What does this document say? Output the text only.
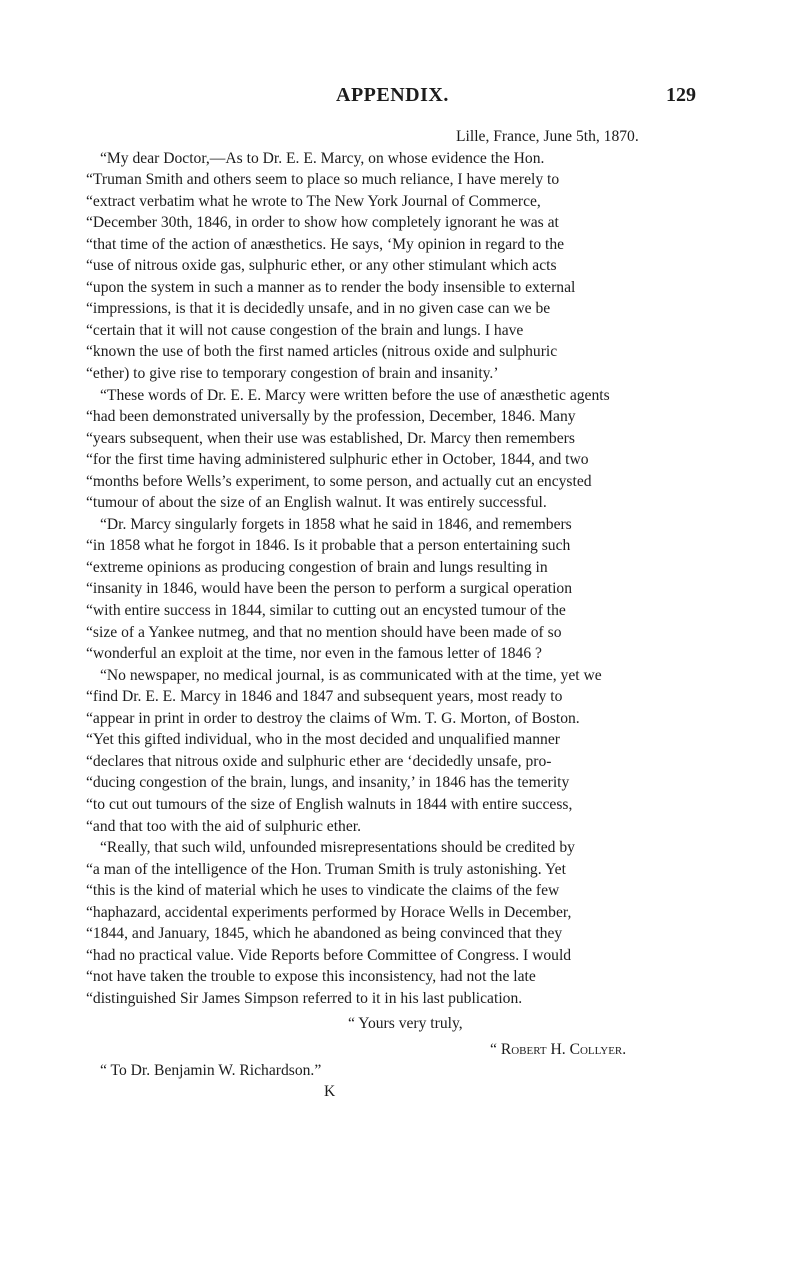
APPENDIX.	129
Lille, France, June 5th, 1870.
“My dear Doctor,—As to Dr. E. E. Marcy, on whose evidence the Hon.
“Truman Smith and others seem to place so much reliance, I have merely to
“extract verbatim what he wrote to The New York Journal of Commerce,
“December 30th, 1846, in order to show how completely ignorant he was at
“that time of the action of anæsthetics. He says, ‘My opinion in regard to the
“use of nitrous oxide gas, sulphuric ether, or any other stimulant which acts
“upon the system in such a manner as to render the body insensible to external
“impressions, is that it is decidedly unsafe, and in no given case can we be
“certain that it will not cause congestion of the brain and lungs. I have
“known the use of both the first named articles (nitrous oxide and sulphuric
“ether) to give rise to temporary congestion of brain and insanity.’
“These words of Dr. E. E. Marcy were written before the use of anæsthetic agents
“had been demonstrated universally by the profession, December, 1846. Many
“years subsequent, when their use was established, Dr. Marcy then remembers
“for the first time having administered sulphuric ether in October, 1844, and two
“months before Wells’s experiment, to some person, and actually cut an encysted
“tumour of about the size of an English walnut. It was entirely successful.
“Dr. Marcy singularly forgets in 1858 what he said in 1846, and remembers
“in 1858 what he forgot in 1846. Is it probable that a person entertaining such
“extreme opinions as producing congestion of brain and lungs resulting in
“insanity in 1846, would have been the person to perform a surgical operation
“with entire success in 1844, similar to cutting out an encysted tumour of the
“size of a Yankee nutmeg, and that no mention should have been made of so
“wonderful an exploit at the time, nor even in the famous letter of 1846 ?
“No newspaper, no medical journal, is as communicated with at the time, yet we
“find Dr. E. E. Marcy in 1846 and 1847 and subsequent years, most ready to
“appear in print in order to destroy the claims of Wm. T. G. Morton, of Boston.
“Yet this gifted individual, who in the most decided and unqualified manner
“declares that nitrous oxide and sulphuric ether are ‘decidedly unsafe, pro-
“ducing congestion of the brain, lungs, and insanity,’ in 1846 has the temerity
“to cut out tumours of the size of English walnuts in 1844 with entire success,
“and that too with the aid of sulphuric ether.
“Really, that such wild, unfounded misrepresentations should be credited by
“a man of the intelligence of the Hon. Truman Smith is truly astonishing. Yet
“this is the kind of material which he uses to vindicate the claims of the few
“haphazard, accidental experiments performed by Horace Wells in December,
“1844, and January, 1845, which he abandoned as being convinced that they
“had no practical value. Vide Reports before Committee of Congress. I would
“not have taken the trouble to expose this inconsistency, had not the late
“distinguished Sir James Simpson referred to it in his last publication.
“ Yours very truly,
“ Robert H. Collyer.
“ To Dr. Benjamin W. Richardson.”
K
